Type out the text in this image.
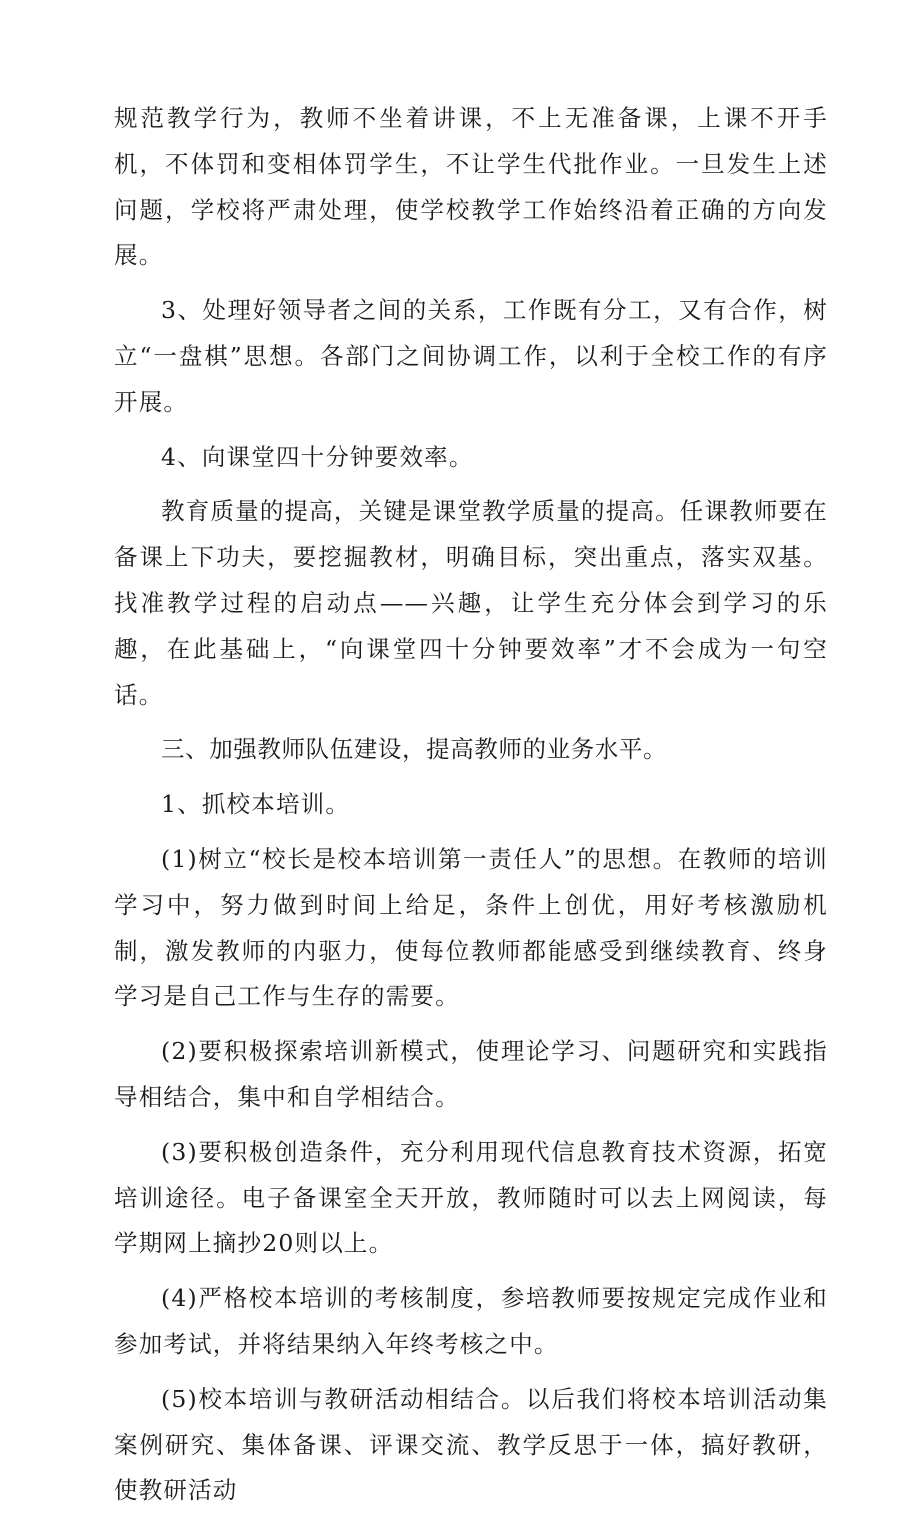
规范教学行为，教师不坐着讲课，不上无准备课，上课不开手机，不体罚和变相体罚学生，不让学生代批作业。一旦发生上述问题，学校将严肃处理，使学校教学工作始终沿着正确的方向发展。

3、处理好领导者之间的关系，工作既有分工，又有合作，树立“一盘棋”思想。各部门之间协调工作，以利于全校工作的有序开展。

4、向课堂四十分钟要效率。

教育质量的提高，关键是课堂教学质量的提高。任课教师要在备课上下功夫，要挖掘教材，明确目标，突出重点，落实双基。找准教学过程的启动点——兴趣，让学生充分体会到学习的乐趣，在此基础上，“向课堂四十分钟要效率”才不会成为一句空话。

三、加强教师队伍建设，提高教师的业务水平。

1、抓校本培训。

(1)树立“校长是校本培训第一责任人”的思想。在教师的培训学习中，努力做到时间上给足，条件上创优，用好考核激励机制，激发教师的内驱力，使每位教师都能感受到继续教育、终身学习是自己工作与生存的需要。

(2)要积极探索培训新模式，使理论学习、问题研究和实践指导相结合，集中和自学相结合。

(3)要积极创造条件，充分利用现代信息教育技术资源，拓宽培训途径。电子备课室全天开放，教师随时可以去上网阅读，每学期网上摘抄20则以上。

(4)严格校本培训的考核制度，参培教师要按规定完成作业和参加考试，并将结果纳入年终考核之中。

(5)校本培训与教研活动相结合。以后我们将校本培训活动集案例研究、集体备课、评课交流、教学反思于一体，搞好教研，使教研活动
